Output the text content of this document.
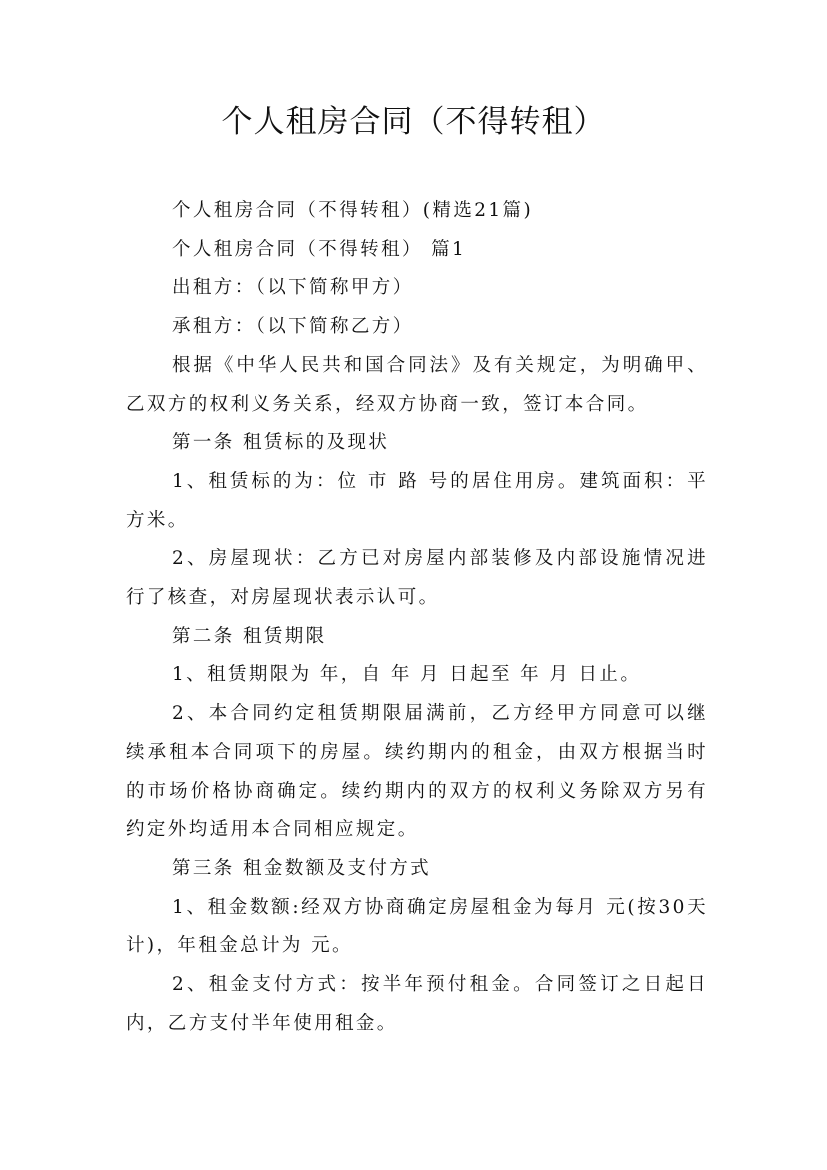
个人租房合同（不得转租）

个人租房合同（不得转租）(精选21篇)

个人租房合同（不得转租） 篇1

出租方：（以下简称甲方）

承租方：（以下简称乙方）

根据《中华人民共和国合同法》及有关规定，为明确甲、乙双方的权利义务关系，经双方协商一致，签订本合同。

第一条 租赁标的及现状

1、租赁标的为：位 市 路 号的居住用房。建筑面积：平方米。

2、房屋现状：乙方已对房屋内部装修及内部设施情况进行了核查，对房屋现状表示认可。

第二条 租赁期限

1、租赁期限为 年，自 年 月 日起至 年 月 日止。

2、本合同约定租赁期限届满前，乙方经甲方同意可以继续承租本合同项下的房屋。续约期内的租金，由双方根据当时的市场价格协商确定。续约期内的双方的权利义务除双方另有约定外均适用本合同相应规定。

第三条 租金数额及支付方式

1、租金数额:经双方协商确定房屋租金为每月 元(按30天计)，年租金总计为 元。

2、租金支付方式：按半年预付租金。合同签订之日起日内，乙方支付半年使用租金。
